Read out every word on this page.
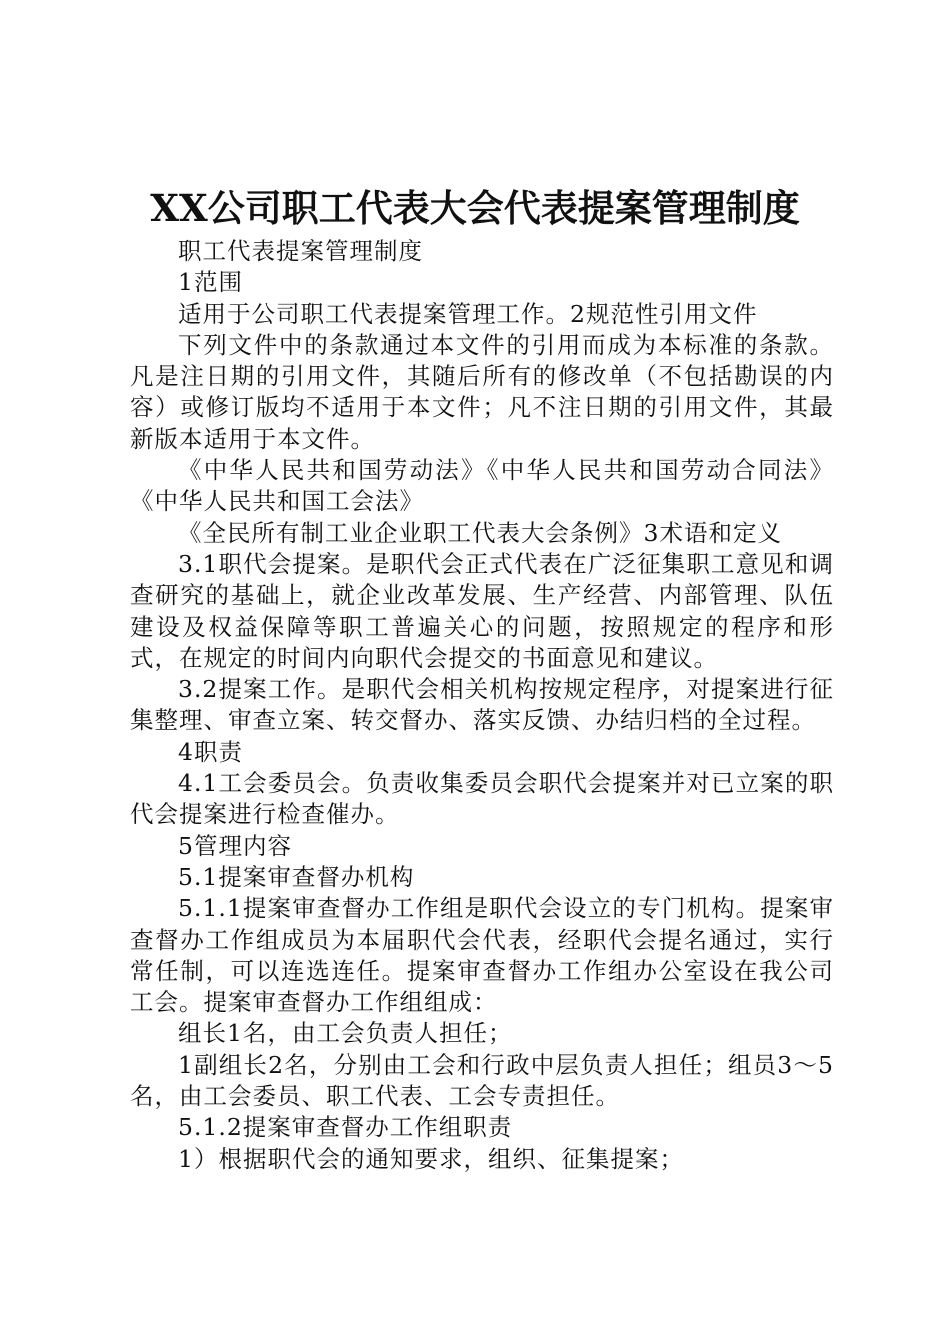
XX公司职工代表大会代表提案管理制度

职工代表提案管理制度

1范围

适用于公司职工代表提案管理工作。2规范性引用文件

下列文件中的条款通过本文件的引用而成为本标准的条款。凡是注日期的引用文件，其随后所有的修改单（不包括勘误的内容）或修订版均不适用于本文件；凡不注日期的引用文件，其最新版本适用于本文件。

《中华人民共和国劳动法》《中华人民共和国劳动合同法》《中华人民共和国工会法》

《全民所有制工业企业职工代表大会条例》3术语和定义

3.1职代会提案。是职代会正式代表在广泛征集职工意见和调查研究的基础上，就企业改革发展、生产经营、内部管理、队伍建设及权益保障等职工普遍关心的问题，按照规定的程序和形式，在规定的时间内向职代会提交的书面意见和建议。

3.2提案工作。是职代会相关机构按规定程序，对提案进行征集整理、审查立案、转交督办、落实反馈、办结归档的全过程。

4职责

4.1工会委员会。负责收集委员会职代会提案并对已立案的职代会提案进行检查催办。

5管理内容

5.1提案审查督办机构

5.1.1提案审查督办工作组是职代会设立的专门机构。提案审查督办工作组成员为本届职代会代表，经职代会提名通过，实行常任制，可以连选连任。提案审查督办工作组办公室设在我公司工会。提案审查督办工作组组成：

组长1名，由工会负责人担任；

1副组长2名，分别由工会和行政中层负责人担任；组员3～5名，由工会委员、职工代表、工会专责担任。

5.1.2提案审查督办工作组职责

1）根据职代会的通知要求，组织、征集提案；
